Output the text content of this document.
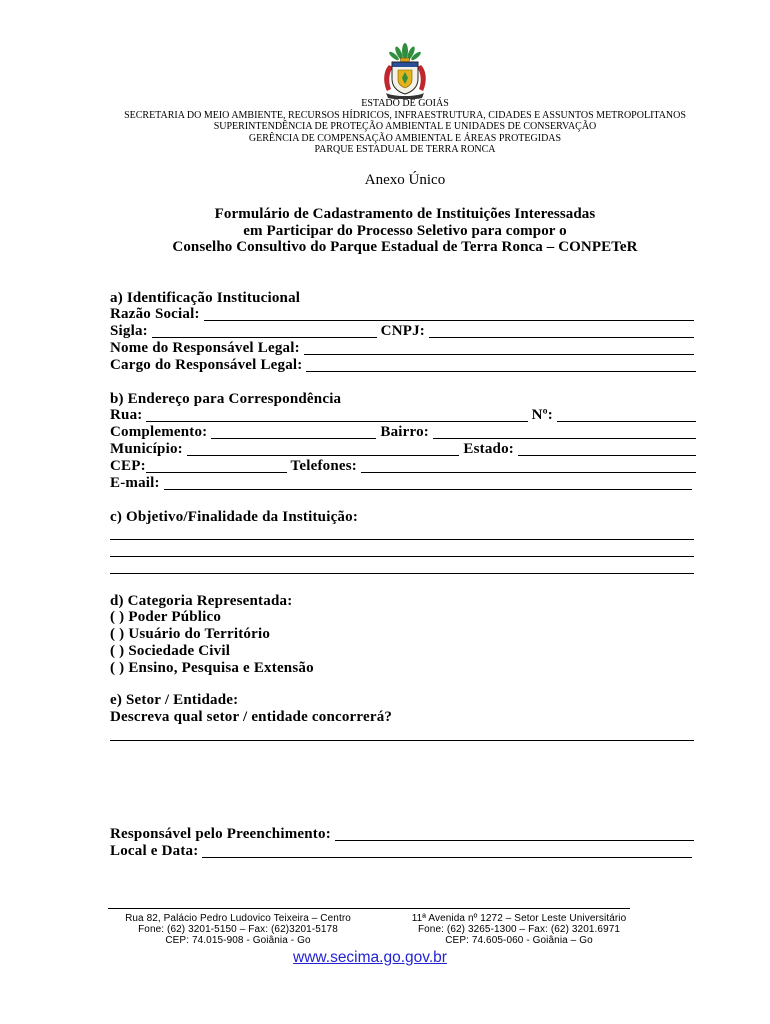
ESTADO DE GOIÁS
SECRETARIA DO MEIO AMBIENTE, RECURSOS HÍDRICOS, INFRAESTRUTURA, CIDADES E ASSUNTOS METROPOLITANOS
SUPERINTENDÊNCIA DE PROTEÇÃO AMBIENTAL E UNIDADES DE CONSERVAÇÃO
GERÊNCIA DE COMPENSAÇÃO AMBIENTAL E ÁREAS PROTEGIDAS
PARQUE ESTADUAL DE TERRA RONCA
Anexo Único
Formulário de Cadastramento de Instituições Interessadas
em Participar do Processo Seletivo para compor o
Conselho Consultivo do Parque Estadual de Terra Ronca – CONPETeR
a) Identificação Institucional
Razão Social:
Sigla:	CNPJ:
Nome do Responsável Legal:
Cargo do Responsável Legal:
b) Endereço para Correspondência
Rua:	Nº:
Complemento:	Bairro:
Município:	Estado:
CEP:	Telefones:
E-mail:
c) Objetivo/Finalidade da Instituição:
d) Categoria Representada:
( ) Poder Público
( ) Usuário do Território
( ) Sociedade Civil
( ) Ensino, Pesquisa e Extensão
e) Setor / Entidade:
Descreva qual setor / entidade concorrerá?
Responsável pelo Preenchimento:
Local e Data:
Rua 82, Palácio Pedro Ludovico Teixeira – Centro
Fone: (62) 3201-5150 – Fax: (62)3201-5178
CEP: 74.015-908 - Goiânia - Go
11ª Avenida nº 1272 – Setor Leste Universitário
Fone: (62) 3265-1300 – Fax: (62) 3201.6971
CEP: 74.605-060 - Goiânia – Go
www.secima.go.gov.br
